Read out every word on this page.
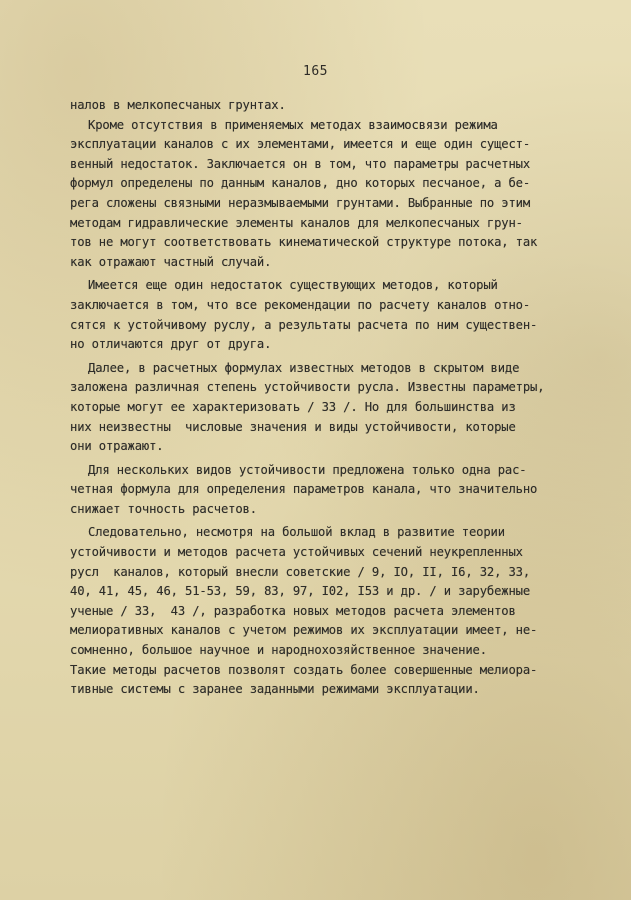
165
налов в мелкопесчаных грунтах.
Кроме отсутствия в применяемых методах взаимосвязи режима
эксплуатации каналов с их элементами, имеется и еще один сущест-
венный недостаток. Заключается он в том, что параметры расчетных
формул определены по данным каналов, дно которых песчаное, а бе-
рега сложены связными неразмываемыми грунтами. Выбранные по этим
методам гидравлические элементы каналов для мелкопесчаных грун-
тов не могут соответствовать кинематической структуре потока, так
как отражают частный случай.
Имеется еще один недостаток существующих методов, который
заключается в том, что все рекомендации по расчету каналов отно-
сятся к устойчивому руслу, а результаты расчета по ним существен-
но отличаются друг от друга.
Далее, в расчетных формулах известных методов в скрытом виде
заложена различная степень устойчивости русла. Известны параметры,
которые могут ее характеризовать / 33 /. Но для большинства из
них неизвестны  числовые значения и виды устойчивости, которые
они отражают.
Для нескольких видов устойчивости предложена только одна рас-
четная формула для определения параметров канала, что значительно
снижает точность расчетов.
Следовательно, несмотря на большой вклад в развитие теории
устойчивости и методов расчета устойчивых сечений неукрепленных
русл  каналов, который внесли советские / 9, IO, II, I6, 32, 33,
40, 41, 45, 46, 51-53, 59, 83, 97, I02, I53 и др. / и зарубежные
ученые / 33,  43 /, разработка новых методов расчета элементов
мелиоративных каналов с учетом режимов их эксплуатации имеет, не-
сомненно, большое научное и народнохозяйственное значение.
Такие методы расчетов позволят создать более совершенные мелиора-
тивные системы с заранее заданными режимами эксплуатации.
